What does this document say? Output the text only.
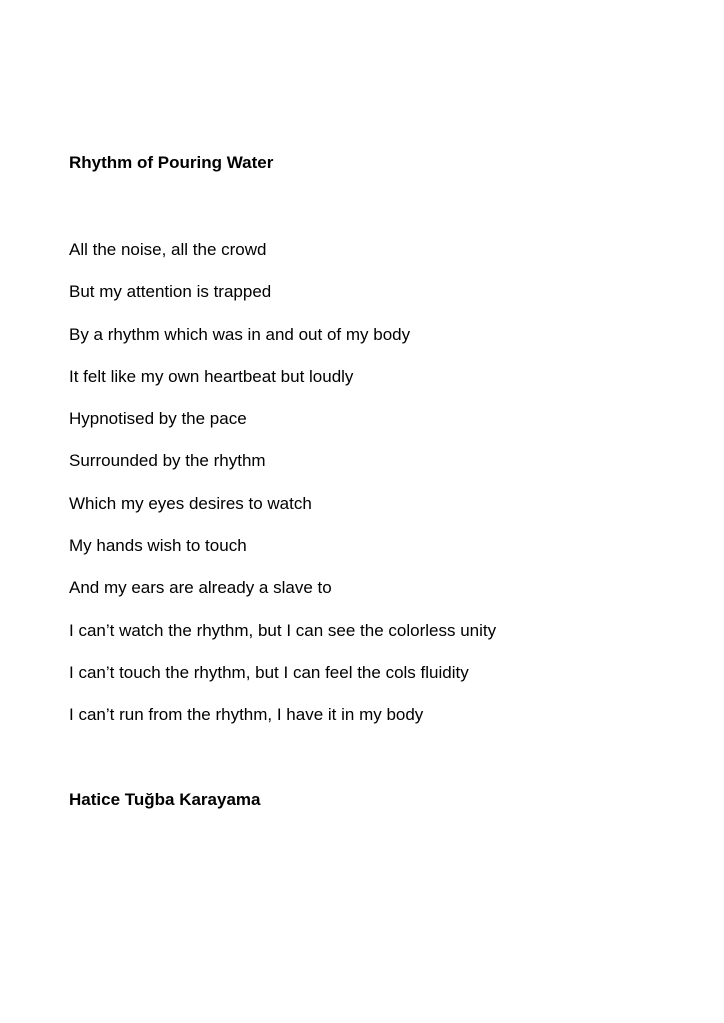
Rhythm of Pouring Water
All the noise, all the crowd
But my attention is trapped
By a rhythm which was in and out of my body
It felt like my own heartbeat but loudly
Hypnotised by the pace
Surrounded by the rhythm
Which my eyes desires to watch
My hands wish to touch
And my ears are already a slave to
I can’t watch the rhythm, but I can see the colorless unity
I can’t touch the rhythm, but I can feel the cols fluidity
I can’t run from the rhythm, I have it in my body
Hatice Tuğba Karayama
